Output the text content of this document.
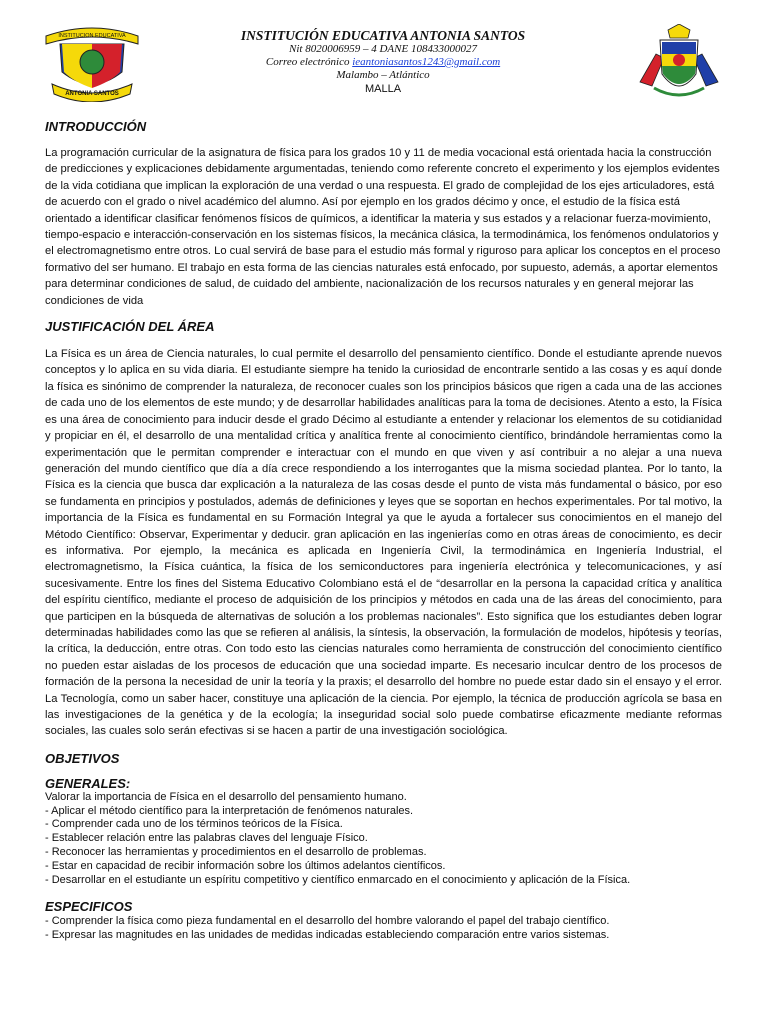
INSTITUCION EDUCATIVA
ANTONIA SANTOS
INSTITUCIÓN EDUCATIVA ANTONIA SANTOS
Nit 8020006959 – 4 DANE 108433000027
Correo electrónico ieantoniasantos1243@gmail.com
Malambo – Atlántico
MALLA
INTRODUCCIÓN

La programación curricular de la asignatura de física para los grados 10 y 11 de media vocacional está orientada hacia la construcción de predicciones y explicaciones debidamente argumentadas, teniendo como referente concreto el experimento y los ejemplos evidentes de la vida cotidiana que implican la exploración de una verdad o una respuesta. El grado de complejidad de los ejes articuladores, está de acuerdo con el grado o nivel académico del alumno. Así por ejemplo en los grados décimo y once, el estudio de la física está orientado a identificar clasificar fenómenos físicos de químicos, a identificar la materia y sus estados y a relacionar fuerza-movimiento, tiempo-espacio e interacción-conservación en los sistemas físicos, la mecánica clásica, la termodinámica, los fenómenos ondulatorios y el electromagnetismo entre otros. Lo cual servirá de base para el estudio más formal y riguroso para aplicar los conceptos en el proceso formativo del ser humano. El trabajo en esta forma de las ciencias naturales está enfocado, por supuesto, además, a aportar elementos para determinar condiciones de salud, de cuidado del ambiente, nacionalización de los recursos naturales y en general mejorar las condiciones de vida

JUSTIFICACIÓN DEL ÁREA

La Física es un área de Ciencia naturales, lo cual permite el desarrollo del pensamiento científico. Donde el estudiante aprende nuevos conceptos y lo aplica en su vida diaria. El estudiante siempre ha tenido la curiosidad de encontrarle sentido a las cosas y es aquí donde la física es sinónimo de comprender la naturaleza, de reconocer cuales son los principios básicos que rigen a cada una de las acciones de cada uno de los elementos de este mundo; y de desarrollar habilidades analíticas para la toma de decisiones. Atento a esto, la Física es una área de conocimiento para inducir desde el grado Décimo al estudiante a entender y relacionar los elementos de su cotidianidad y propiciar en él, el desarrollo de una mentalidad crítica y analítica frente al conocimiento científico, brindándole herramientas como la experimentación que le permitan comprender e interactuar con el mundo en que viven y así contribuir a no alejar a una nueva generación del mundo científico que día a día crece respondiendo a los interrogantes que la misma sociedad plantea. Por lo tanto, la Física es la ciencia que busca dar explicación a la naturaleza de las cosas desde el punto de vista más fundamental o básico, por eso se fundamenta en principios y postulados, además de definiciones y leyes que se soportan en hechos experimentales. Por tal motivo, la importancia de la Física es fundamental en su Formación Integral ya que le ayuda a fortalecer sus conocimientos en el manejo del Método Científico: Observar, Experimentar y deducir. gran aplicación en las ingenierías como en otras áreas de conocimiento, es decir es informativa. Por ejemplo, la mecánica es aplicada en Ingeniería Civil, la termodinámica en Ingeniería Industrial, el electromagnetismo, la Física cuántica, la física de los semiconductores para ingeniería electrónica y telecomunicaciones, y así sucesivamente. Entre los fines del Sistema Educativo Colombiano está el de “desarrollar en la persona la capacidad crítica y analítica del espíritu científico, mediante el proceso de adquisición de los principios y métodos en cada una de las áreas del conocimiento, para que participen en la búsqueda de alternativas de solución a los problemas nacionales”. Esto significa que los estudiantes deben lograr determinadas habilidades como las que se refieren al análisis, la síntesis, la observación, la formulación de modelos, hipótesis y teorías, la crítica, la deducción, entre otras. Con todo esto las ciencias naturales como herramienta de construcción del conocimiento científico no pueden estar aisladas de los procesos de educación que una sociedad imparte. Es necesario inculcar dentro de los procesos de formación de la persona la necesidad de unir la teoría y la praxis; el desarrollo del hombre no puede estar dado sin el ensayo y el error. La Tecnología, como un saber hacer, constituye una aplicación de la ciencia. Por ejemplo, la técnica de producción agrícola se basa en las investigaciones de la genética y de la ecología; la inseguridad social solo puede combatirse eficazmente mediante reformas sociales, las cuales solo serán efectivas si se hacen a partir de una investigación sociológica.

OBJETIVOS
GENERALES:
Valorar la importancia de Física en el desarrollo del pensamiento humano.
- Aplicar el método científico para la interpretación de fenómenos naturales.
- Comprender cada uno de los términos teóricos de la Física.
- Establecer relación entre las palabras claves del lenguaje Físico.
- Reconocer las herramientas y procedimientos en el desarrollo de problemas.
- Estar en capacidad de recibir información sobre los últimos adelantos científicos.
- Desarrollar en el estudiante un espíritu competitivo y científico enmarcado en el conocimiento y aplicación de la Física.
ESPECIFICOS
- Comprender la física como pieza fundamental en el desarrollo del hombre valorando el papel del trabajo científico.
- Expresar las magnitudes en las unidades de medidas indicadas estableciendo comparación entre varios sistemas.
